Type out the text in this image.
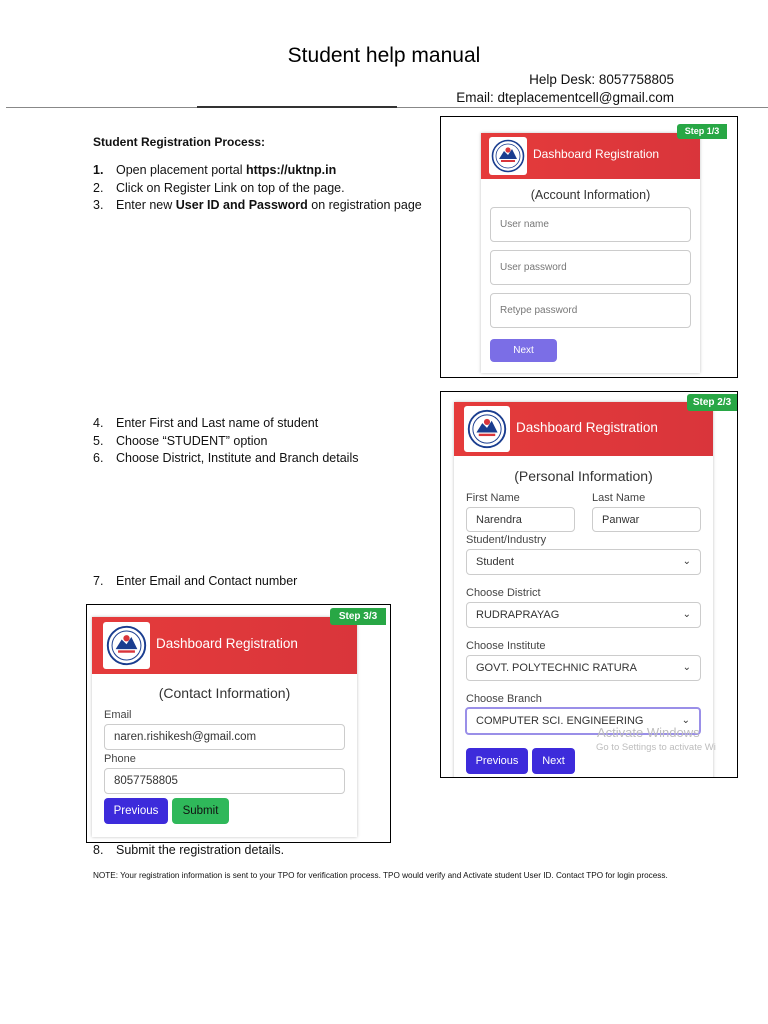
Student help manual
Help Desk: 8057758805
Email: dteplacementcell@gmail.com
Student Registration Process:
1. Open placement portal https://uktnp.in
2. Click on Register Link on top of the page.
3. Enter new User ID and Password on registration page
4. Enter First and Last name of student
5. Choose “STUDENT” option
6. Choose District, Institute and Branch details
7. Enter Email and Contact number
8. Submit the registration details.
NOTE: Your registration information is sent to your TPO for verification process. TPO would verify and Activate student User ID. Contact TPO for login process.
Dashboard Registration
(Account Information)
User name
User password
Retype password
Next
Step 1/3
Dashboard Registration
(Personal Information)
First Name	Last Name
Narendra	Panwar
Student/Industry
Student	⌄
Choose District
RUDRAPRAYAG	⌄
Choose Institute
GOVT. POLYTECHNIC RATURA	⌄
Choose Branch
COMPUTER SCI. ENGINEERING	⌄
Previous	Next
Activate Windows
Go to Settings to activate Wi
Step 2/3
Dashboard Registration
(Contact Information)
Email
naren.rishikesh@gmail.com
Phone
8057758805
Previous	Submit
Step 3/3
